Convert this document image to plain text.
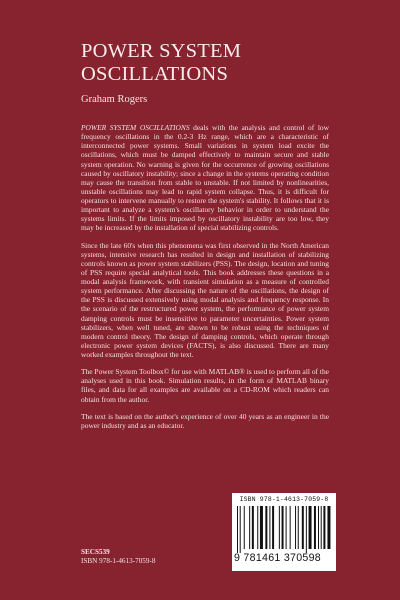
POWER SYSTEM
OSCILLATIONS
Graham Rogers

POWER SYSTEM OSCILLATIONS deals with the analysis and control of low frequency oscillations in the 0.2-3 Hz range, which are a characteristic of interconnected power systems. Small variations in system load excite the oscillations, which must be damped effectively to maintain secure and stable system operation. No warning is given for the occurrence of growing oscillations caused by oscillatory instability; since a change in the systems operating condition may cause the transition from stable to unstable. If not limited by nonlinearities, unstable oscillations may lead to rapid system collapse. Thus, it is difficult for operators to intervene manually to restore the system's stability. It follows that it is important to analyze a system's oscillatory behavior in order to understand the systems limits. If the limits imposed by oscillatory instability are too low, they may be increased by the installation of special stabilizing controls.

Since the late 60's when this phenomena was first observed in the North American systems, intensive research has resulted in design and installation of stabilizing controls known as power system stabilizers (PSS). The design, location and tuning of PSS require special analytical tools. This book addresses these questions in a modal analysis framework, with transient simulation as a measure of controlled system performance. After discussing the nature of the oscillations, the design of the PSS is discussed extensively using modal analysis and frequency response. In the scenario of the restructured power system, the performance of power system damping controls must be insensitive to parameter uncertainties. Power system stabilizers, when well tuned, are shown to be robust using the techniques of modern control theory. The design of damping controls, which operate through electronic power system devices (FACTS), is also discussed. There are many worked examples throughout the text.

The Power System Toolbox© for use with MATLAB® is used to perform all of the analyses used in this book. Simulation results, in the form of MATLAB binary files, and data for all examples are available on a CD-ROM which readers can obtain from the author.

The text is based on the author's experience of over 40 years as an engineer in the power industry and as an educator.

ISBN 978-1-4613-7059-8
9 781461 370598
SECS539
ISBN 978-1-4613-7059-8
